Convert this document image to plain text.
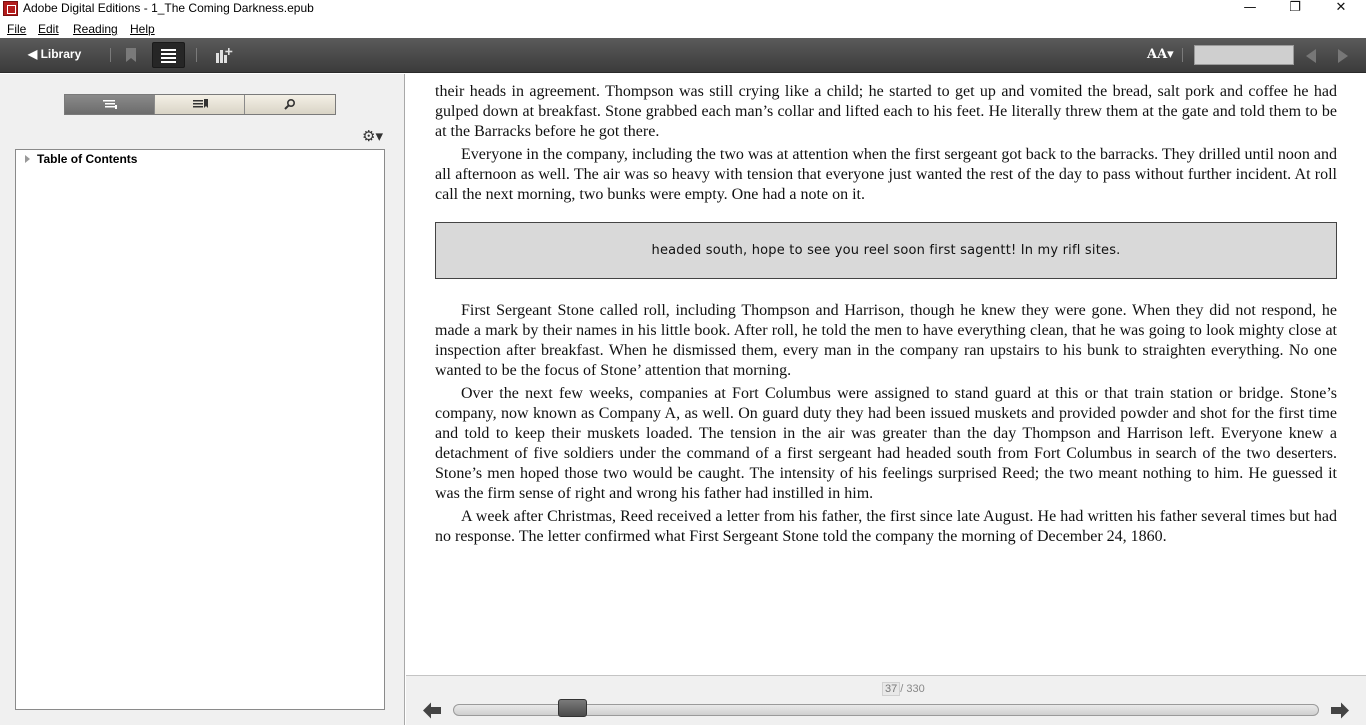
Adobe Digital Editions - 1_The Coming Darkness.epub	—	❐	✕
File Edit Reading Help
◀ Library	AA▾
⚙▾
Table of Contents

their heads in agreement. Thompson was still crying like a child; he started to get up and vomited the bread, salt pork and coffee he had gulped down at breakfast. Stone grabbed each man’s collar and lifted each to his feet. He literally threw them at the gate and told them to be at the Barracks before he got there.

Everyone in the company, including the two was at attention when the first sergeant got back to the barracks. They drilled until noon and all afternoon as well. The air was so heavy with tension that everyone just wanted the rest of the day to pass without further incident. At roll call the next morning, two bunks were empty. One had a note on it.

headed south, hope to see you reel soon first sagentt! In my rifl sites.

First Sergeant Stone called roll, including Thompson and Harrison, though he knew they were gone. When they did not respond, he made a mark by their names in his little book. After roll, he told the men to have everything clean, that he was going to look mighty close at inspection after breakfast. When he dismissed them, every man in the company ran upstairs to his bunk to straighten everything. No one wanted to be the focus of Stone’ attention that morning.

Over the next few weeks, companies at Fort Columbus were assigned to stand guard at this or that train station or bridge. Stone’s company, now known as Company A, as well. On guard duty they had been issued muskets and provided powder and shot for the first time and told to keep their muskets loaded. The tension in the air was greater than the day Thompson and Harrison left. Everyone knew a detachment of five soldiers under the command of a first sergeant had headed south from Fort Columbus in search of the two deserters. Stone’s men hoped those two would be caught. The intensity of his feelings surprised Reed; the two meant nothing to him. He guessed it was the firm sense of right and wrong his father had instilled in him.

A week after Christmas, Reed received a letter from his father, the first since late August. He had written his father several times but had no response. The letter confirmed what First Sergeant Stone told the company the morning of December 24, 1860.

37 / 330
